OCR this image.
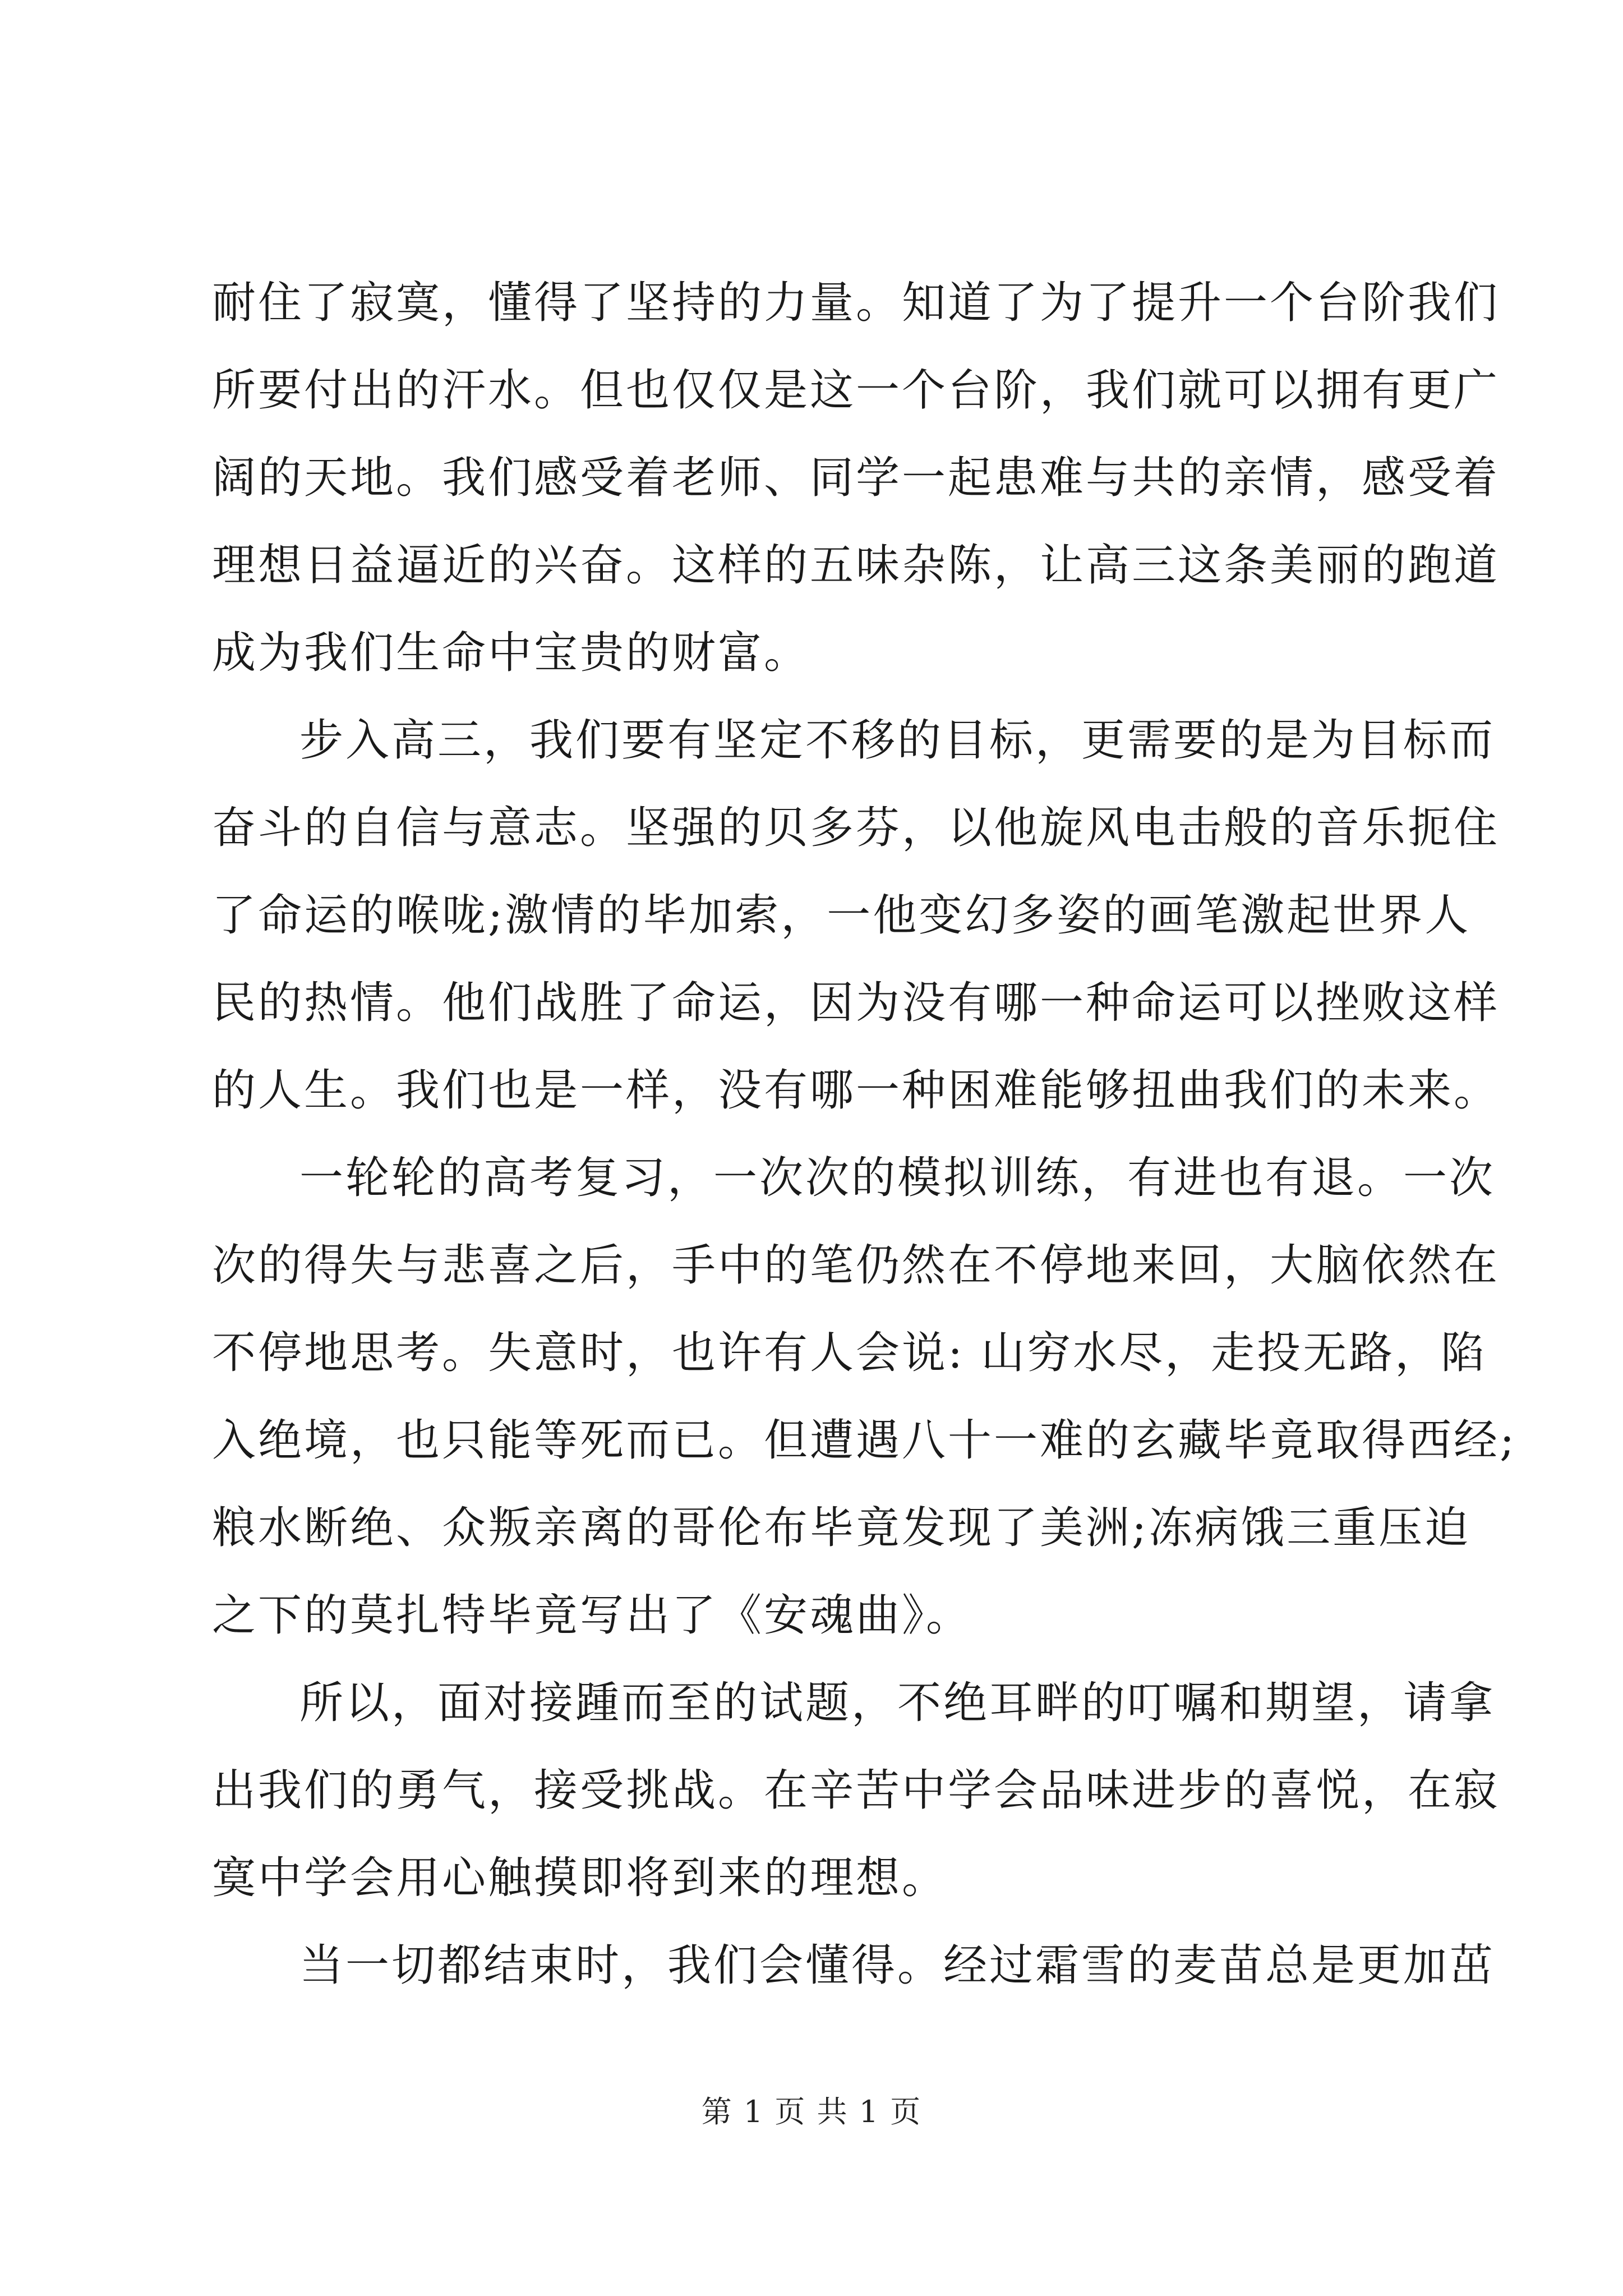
耐住了寂寞，懂得了坚持的力量。知道了为了提升一个台阶我们
所要付出的汗水。但也仅仅是这一个台阶，我们就可以拥有更广
阔的天地。我们感受着老师、同学一起患难与共的亲情，感受着
理想日益逼近的兴奋。这样的五味杂陈，让高三这条美丽的跑道
成为我们生命中宝贵的财富。
步入高三，我们要有坚定不移的目标，更需要的是为目标而
奋斗的自信与意志。坚强的贝多芬，以他旋风电击般的音乐扼住
了命运的喉咙;激情的毕加索，一他变幻多姿的画笔激起世界人
民的热情。他们战胜了命运，因为没有哪一种命运可以挫败这样
的人生。我们也是一样，没有哪一种困难能够扭曲我们的未来。
一轮轮的高考复习，一次次的模拟训练，有进也有退。一次
次的得失与悲喜之后，手中的笔仍然在不停地来回，大脑依然在
不停地思考。失意时，也许有人会说: 山穷水尽，走投无路，陷
入绝境，也只能等死而已。但遭遇八十一难的玄藏毕竟取得西经;
粮水断绝、众叛亲离的哥伦布毕竟发现了美洲;冻病饿三重压迫
之下的莫扎特毕竟写出了《安魂曲》。
所以，面对接踵而至的试题，不绝耳畔的叮嘱和期望，请拿
出我们的勇气，接受挑战。在辛苦中学会品味进步的喜悦，在寂
寞中学会用心触摸即将到来的理想。
当一切都结束时，我们会懂得。经过霜雪的麦苗总是更加茁
第 1 页 共 1 页
